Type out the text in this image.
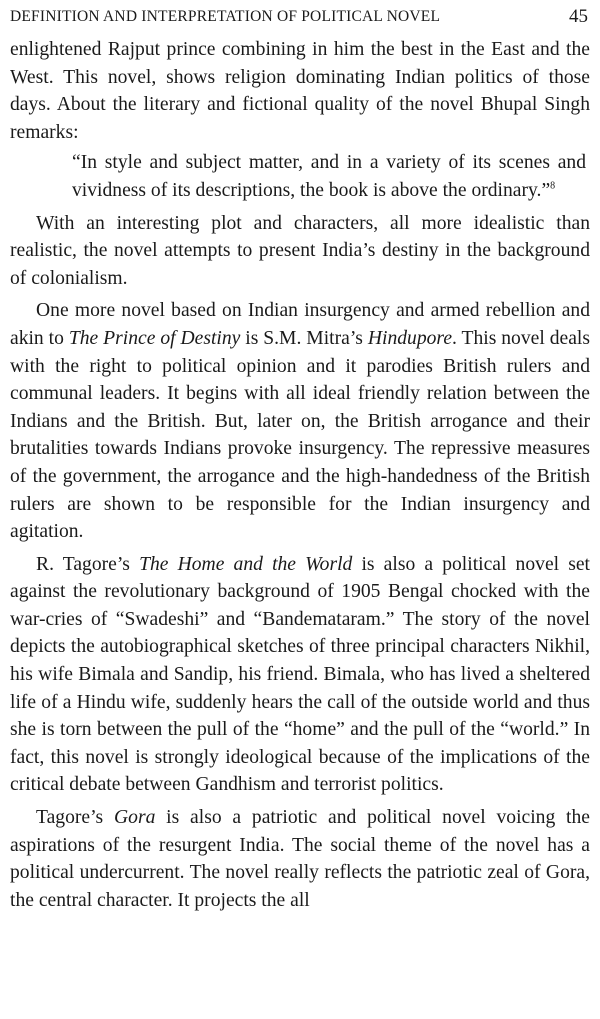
DEFINITION AND INTERPRETATION OF POLITICAL NOVEL	45

enlightened Rajput prince combining in him the best in the East and the West. This novel, shows religion dominating Indian politics of those days. About the literary and fictional quality of the novel Bhupal Singh remarks:

“In style and subject matter, and in a variety of its scenes and vividness of its descriptions, the book is above the ordinary.”$^8$

With an interesting plot and characters, all more idealistic than realistic, the novel attempts to present India’s destiny in the background of colonialism.

One more novel based on Indian insurgency and armed rebellion and akin to The Prince of Destiny is S.M. Mitra’s Hindupore. This novel deals with the right to political opinion and it parodies British rulers and communal leaders. It begins with all ideal friendly relation between the Indians and the British. But, later on, the British arrogance and their brutalities towards Indians provoke insurgency. The repressive measures of the government, the arrogance and the high-handedness of the British rulers are shown to be responsible for the Indian insurgency and agitation.

R. Tagore’s The Home and the World is also a political novel set against the revolutionary background of 1905 Bengal chocked with the war-cries of “Swadeshi” and “Bandemataram.” The story of the novel depicts the autobiographical sketches of three principal characters Nikhil, his wife Bimala and Sandip, his friend. Bimala, who has lived a sheltered life of a Hindu wife, suddenly hears the call of the outside world and thus she is torn between the pull of the “home” and the pull of the “world.” In fact, this novel is strongly ideological because of the implications of the critical debate between Gandhism and terrorist politics.

Tagore’s Gora is also a patriotic and political novel voicing the aspirations of the resurgent India. The social theme of the novel has a political undercurrent. The novel really reflects the patriotic zeal of Gora, the central character. It projects the all
